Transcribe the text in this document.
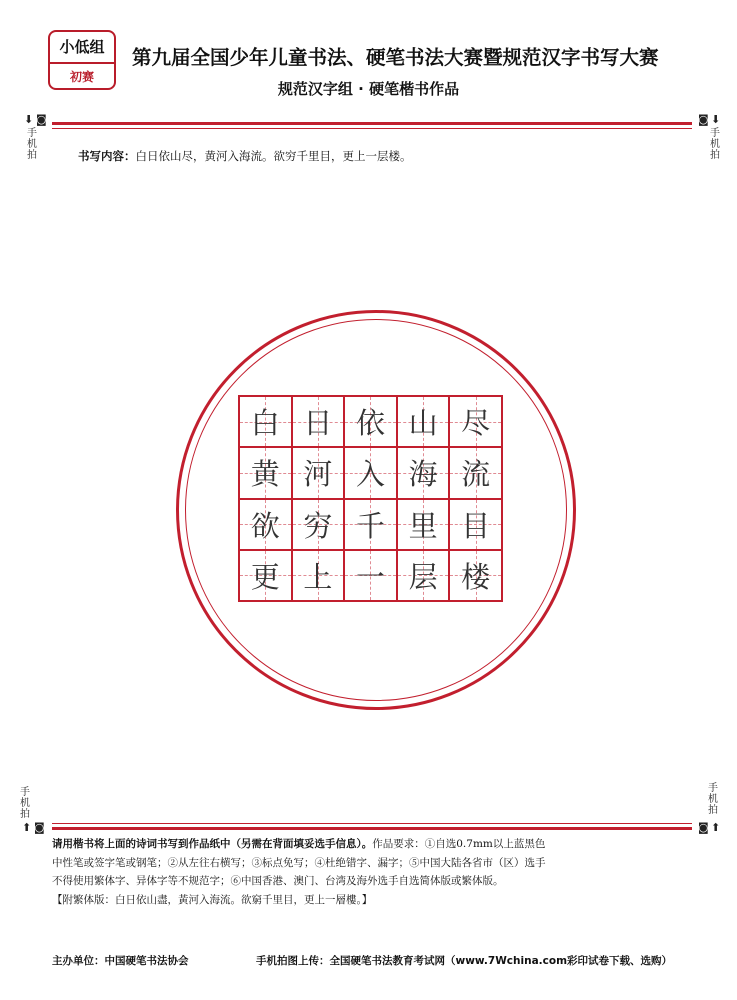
小低组
初赛
第九届全国少年儿童书法、硬笔书法大赛暨规范汉字书写大赛
规范汉字组 · 硬笔楷书作品
⬇ ◙
手
机
拍
◙ ⬇
手
机
拍
书写内容：白日依山尽，黄河入海流。欲穷千里目，更上一层楼。
白 日 依 山 尽
黄 河 入 海 流
欲 穷 千 里 目
更 上 一 层 楼
手
机
拍
⬆ ◙
手
机
拍
◙ ⬆
请用楷书将上面的诗词书写到作品纸中（另需在背面填妥选手信息）。作品要求：①自选0.7mm以上蓝黑色
中性笔或签字笔或钢笔；②从左往右横写；③标点免写；④杜绝错字、漏字；⑤中国大陆各省市（区）选手
不得使用繁体字、异体字等不规范字；⑥中国香港、澳门、台湾及海外选手自选简体版或繁体版。
【附繁体版：白日依山盡，黃河入海流。欲窮千里目，更上一層樓。】
主办单位：中国硬笔书法协会	手机拍图上传：全国硬笔书法教育考试网（www.7Wchina.com彩印试卷下载、选购）
